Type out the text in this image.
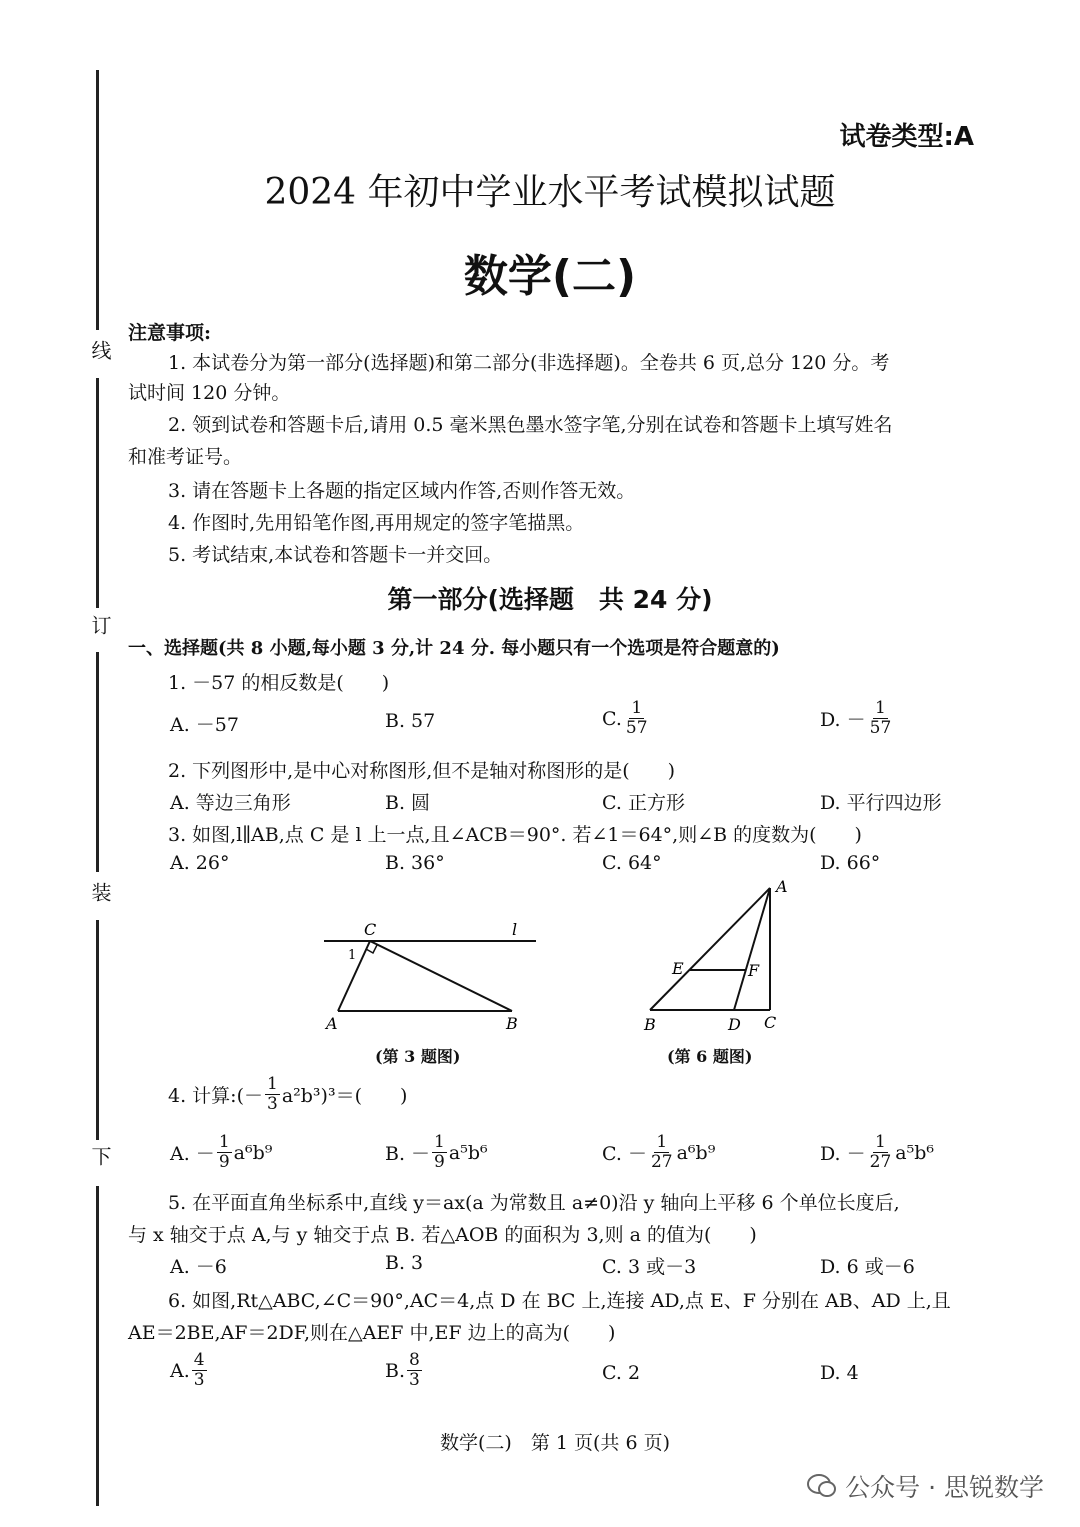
线
订
装
下
试卷类型:A
2024 年初中学业水平考试模拟试题
数学(二)
注意事项:
1. 本试卷分为第一部分(选择题)和第二部分(非选择题)。全卷共 6 页,总分 120 分。考
试时间 120 分钟。
2. 领到试卷和答题卡后,请用 0.5 毫米黑色墨水签字笔,分别在试卷和答题卡上填写姓名
和准考证号。
3. 请在答题卡上各题的指定区域内作答,否则作答无效。
4. 作图时,先用铅笔作图,再用规定的签字笔描黑。
5. 考试结束,本试卷和答题卡一并交回。
第一部分(选择题　共 24 分)
一、选择题(共 8 小题,每小题 3 分,计 24 分. 每小题只有一个选项是符合题意的)
1. －57 的相反数是(　　)
A. －57	B. 57	C. $\frac{1}{57}$	D. － $\frac{1}{57}$
2. 下列图形中,是中心对称图形,但不是轴对称图形的是(　　)
A. 等边三角形	B. 圆	C. 正方形	D. 平行四边形
3. 如图,l∥AB,点 C 是 l 上一点,且∠ACB＝90°. 若∠1＝64°,则∠B 的度数为(　　)
A. 26°	B. 36°	C. 64°	D. 66°
C	l
1
A	B
(第 3 题图)
A
E	F
B	D C
(第 6 题图)
4. 计算:(－ $\frac{1}{3} a^2b^3)^3=$(　　)
A. － $\frac{1}{9} a^6b^9$	B. － $\frac{1}{9} a^5b^6$	C. － $\frac{1}{27} a^6b^9$	D. － $\frac{1}{27} a^5b^6$
5. 在平面直角坐标系中,直线 y＝ax(a 为常数且 a≠0)沿 y 轴向上平移 6 个单位长度后,
与 x 轴交于点 A,与 y 轴交于点 B. 若△AOB 的面积为 3,则 a 的值为(　　)
A. －6	B. 3	C. 3 或－3	D. 6 或－6
6. 如图,Rt△ABC,∠C＝90°,AC＝4,点 D 在 BC 上,连接 AD,点 E、F 分别在 AB、AD 上,且
AE＝2BE,AF＝2DF,则在△AEF 中,EF 边上的高为(　　)
A. $\frac{4}{3}$	B. $\frac{8}{3}$	C. 2	D. 4
数学(二)　第 1 页(共 6 页)
公众号 · 思锐数学
